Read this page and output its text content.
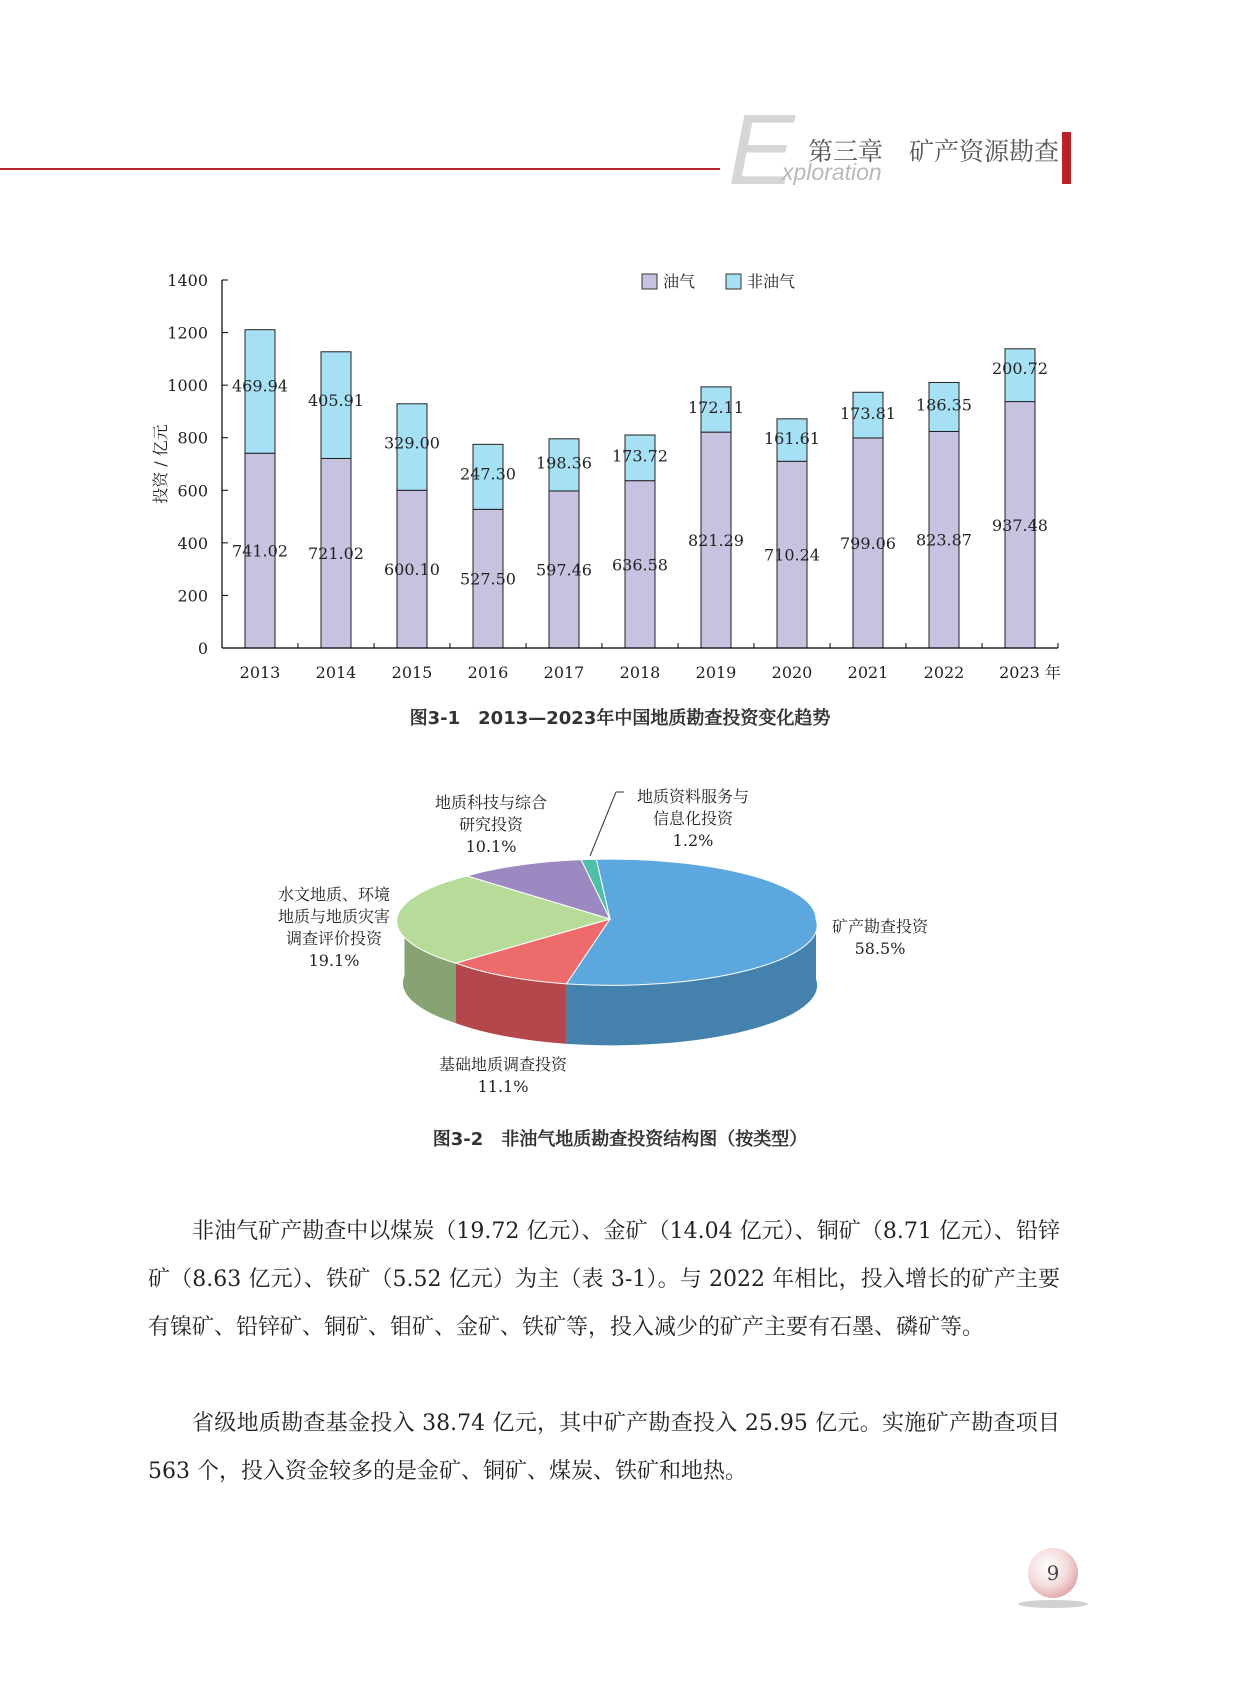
E
xploration
第三章 矿产资源勘查
741.02
469.94
721.02
405.91
600.10
329.00
527.50
247.30
597.46
198.36
636.58
173.72
821.29
172.11
710.24
161.61
799.06
173.81
823.87
186.35
937.48
200.72
0
200
400
600
800
1000
1200
1400
2013 2014 2015 2016 2017 2018 2019 2020 2021 2022 2023 年
投资 / 亿元
油气	非油气
图3-1　2013—2023年中国地质勘查投资变化趋势
矿产勘查投资
58.5%
基础地质调查投资
11.1%
水文地质、环境
地质与地质灾害
调查评价投资
19.1%
地质科技与综合
研究投资
10.1%
地质资料服务与
信息化投资
1.2%
图3-2　非油气地质勘查投资结构图（按类型）
非油气矿产勘查中以煤炭（19.72 亿元）、金矿（14.04 亿元）、铜矿（8.71 亿元）、铅锌矿（8.63 亿元）、铁矿（5.52 亿元）为主（表 3-1）。与 2022 年相比，投入增长的矿产主要有镍矿、铅锌矿、铜矿、钼矿、金矿、铁矿等，投入减少的矿产主要有石墨、磷矿等。
省级地质勘查基金投入 38.74 亿元，其中矿产勘查投入 25.95 亿元。实施矿产勘查项目 563 个，投入资金较多的是金矿、铜矿、煤炭、铁矿和地热。
9
